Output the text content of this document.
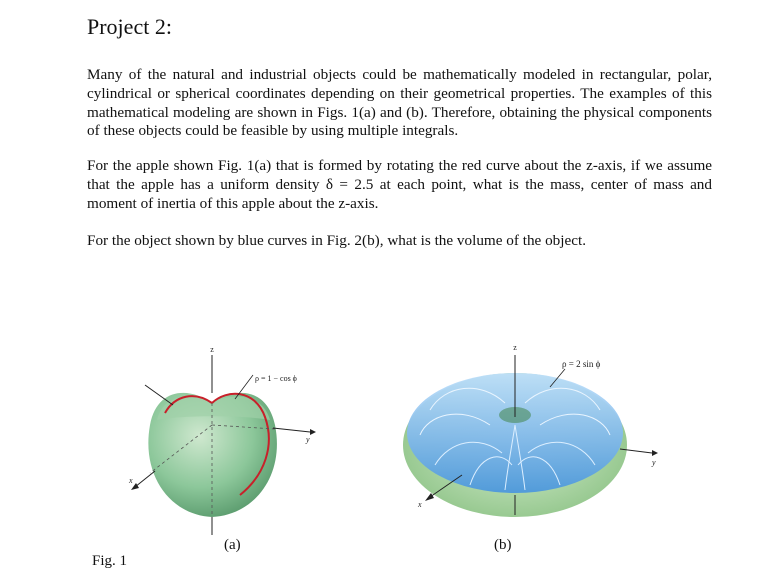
Project 2:

Many of the natural and industrial objects could be mathematically modeled in rectangular, polar, cylindrical or spherical coordinates depending on their geometrical properties. The examples of this mathematical modeling are shown in Figs. 1(a) and (b). Therefore, obtaining the physical components of these objects could be feasible by using multiple integrals.

For the apple shown Fig. 1(a) that is formed by rotating the red curve about the z-axis, if we assume that the apple has a uniform density δ = 2.5 at each point, what is the mass, center of mass and moment of inertia of this apple about the z-axis.

For the object shown by blue curves in Fig. 2(b), what is the volume of the object.

z
y
x
ρ = 1 − cos ϕ
z
y
x
ρ = 2 sin ϕ

(a)	(b)

Fig. 1
